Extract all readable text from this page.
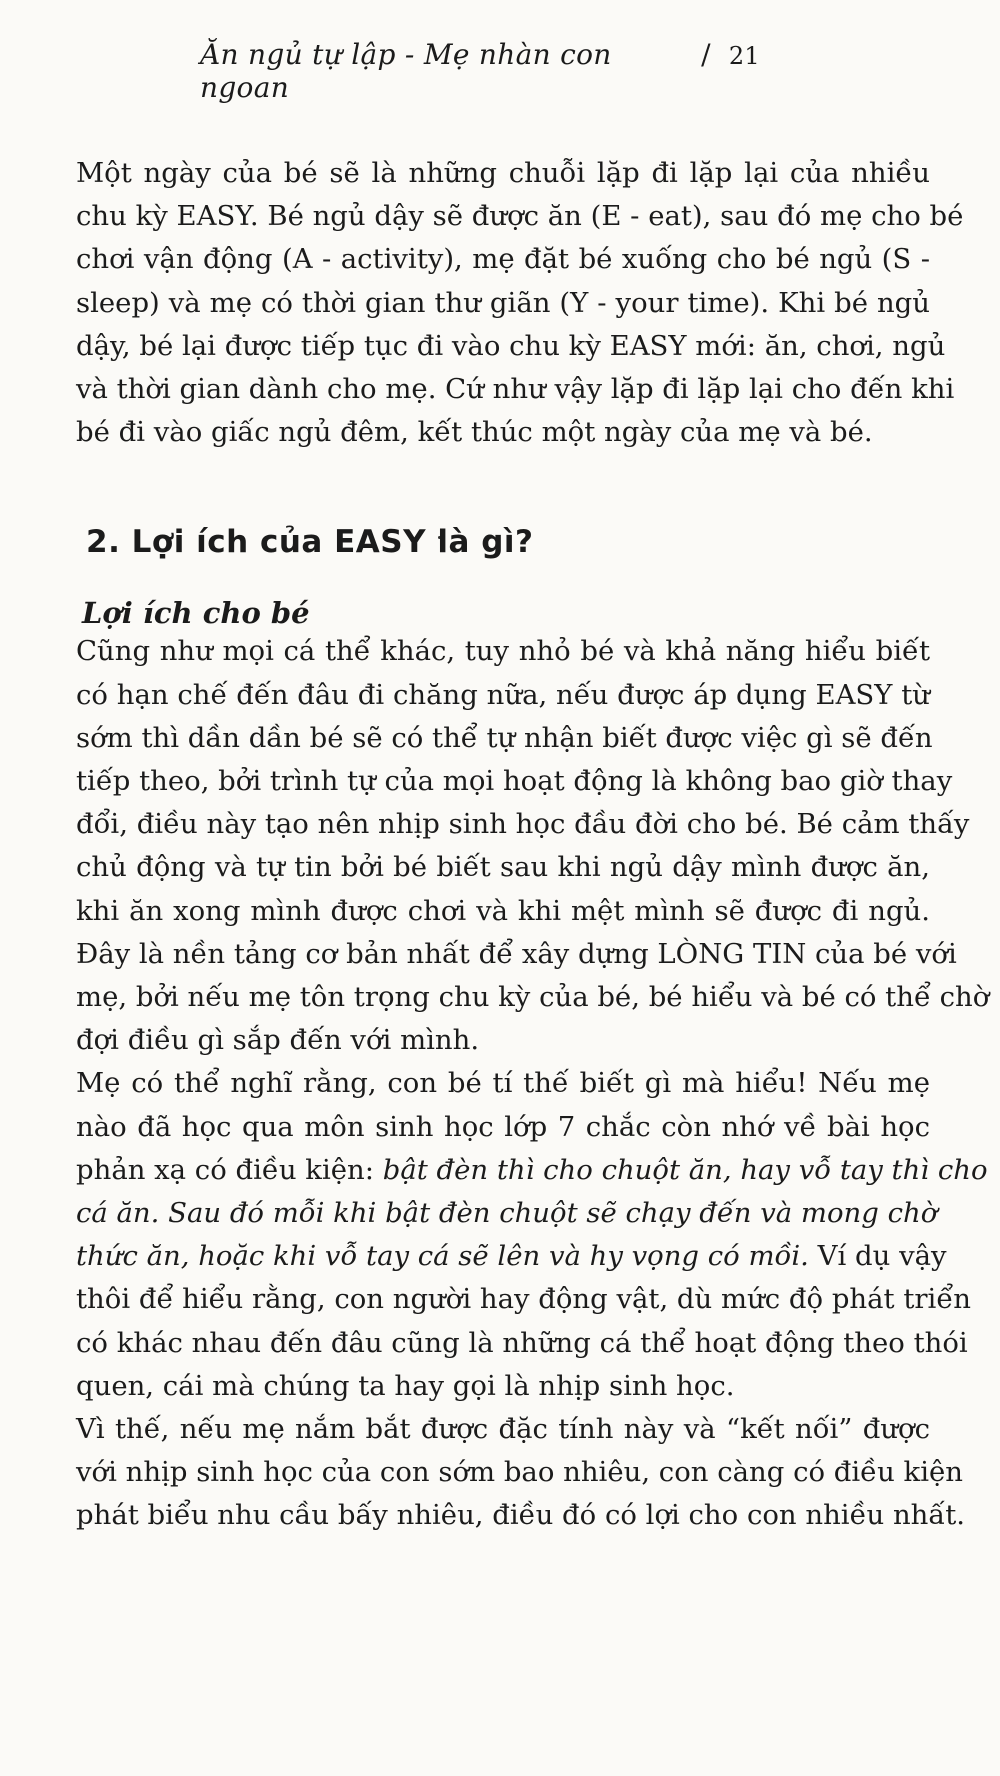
Ăn ngủ tự lập - Mẹ nhàn con ngoan
/ 21

Một ngày của bé sẽ là những chuỗi lặp đi lặp lại của nhiều
chu kỳ EASY. Bé ngủ dậy sẽ được ăn (E - eat), sau đó mẹ cho bé
chơi vận động (A - activity), mẹ đặt bé xuống cho bé ngủ (S -
sleep) và mẹ có thời gian thư giãn (Y - your time). Khi bé ngủ
dậy, bé lại được tiếp tục đi vào chu kỳ EASY mới: ăn, chơi, ngủ
và thời gian dành cho mẹ. Cứ như vậy lặp đi lặp lại cho đến khi
bé đi vào giấc ngủ đêm, kết thúc một ngày của mẹ và bé.

2. Lợi ích của EASY là gì?
Lợi ích cho bé

Cũng như mọi cá thể khác, tuy nhỏ bé và khả năng hiểu biết
có hạn chế đến đâu đi chăng nữa, nếu được áp dụng EASY từ
sớm thì dần dần bé sẽ có thể tự nhận biết được việc gì sẽ đến
tiếp theo, bởi trình tự của mọi hoạt động là không bao giờ thay
đổi, điều này tạo nên nhịp sinh học đầu đời cho bé. Bé cảm thấy
chủ động và tự tin bởi bé biết sau khi ngủ dậy mình được ăn,
khi ăn xong mình được chơi và khi mệt mình sẽ được đi ngủ.
Đây là nền tảng cơ bản nhất để xây dựng LÒNG TIN của bé với
mẹ, bởi nếu mẹ tôn trọng chu kỳ của bé, bé hiểu và bé có thể chờ
đợi điều gì sắp đến với mình.

Mẹ có thể nghĩ rằng, con bé tí thế biết gì mà hiểu! Nếu mẹ
nào đã học qua môn sinh học lớp 7 chắc còn nhớ về bài học
phản xạ có điều kiện: bật đèn thì cho chuột ăn, hay vỗ tay thì cho
cá ăn. Sau đó mỗi khi bật đèn chuột sẽ chạy đến và mong chờ
thức ăn, hoặc khi vỗ tay cá sẽ lên và hy vọng có mồi. Ví dụ vậy
thôi để hiểu rằng, con người hay động vật, dù mức độ phát triển
có khác nhau đến đâu cũng là những cá thể hoạt động theo thói
quen, cái mà chúng ta hay gọi là nhịp sinh học.

Vì thế, nếu mẹ nắm bắt được đặc tính này và “kết nối” được
với nhịp sinh học của con sớm bao nhiêu, con càng có điều kiện
phát biểu nhu cầu bấy nhiêu, điều đó có lợi cho con nhiều nhất.
